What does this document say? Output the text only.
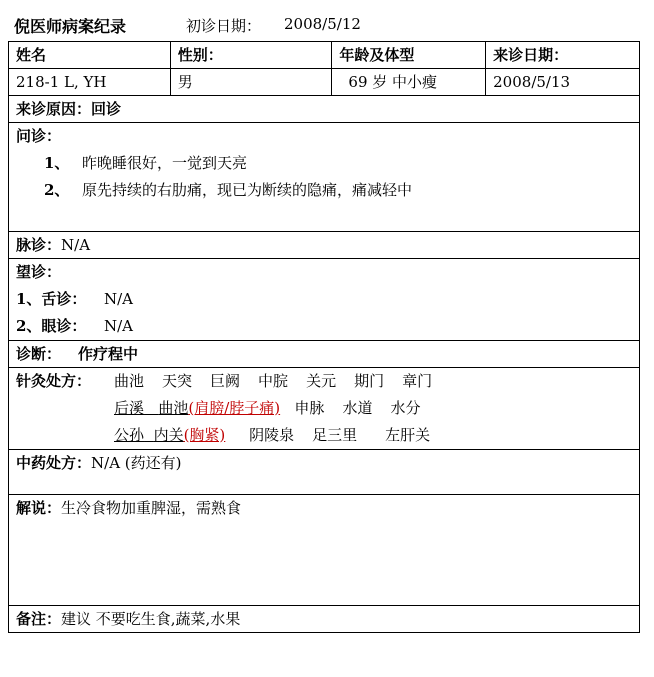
倪医师病案纪录	初诊日期： 2008/5/12
姓名	性别：	年龄及体型	来诊日期：
218-1 L, YH	男	69 岁 中小瘦	2008/5/13
来诊原因：回诊			

问诊：
1、 昨晚睡很好，一觉到天亮
2、 原先持续的右肋痛，现已为断续的隐痛，痛减轻中			

脉诊：N/A			

望诊：
1、舌诊： N/A
2、眼诊： N/A			

诊断： 作疗程中			

针灸处方： 曲池 天突 巨阙 中脘 关元 期门 章门
后溪 曲池(肩膀/脖子痛) 申脉 水道 水分
公孙 内关(胸紧) 阴陵泉 足三里 左肝关			

中药处方：N/A (药还有)			

解说：生冷食物加重脾湿，需熟食			

备注：建议 不要吃生食,蔬菜,水果			
